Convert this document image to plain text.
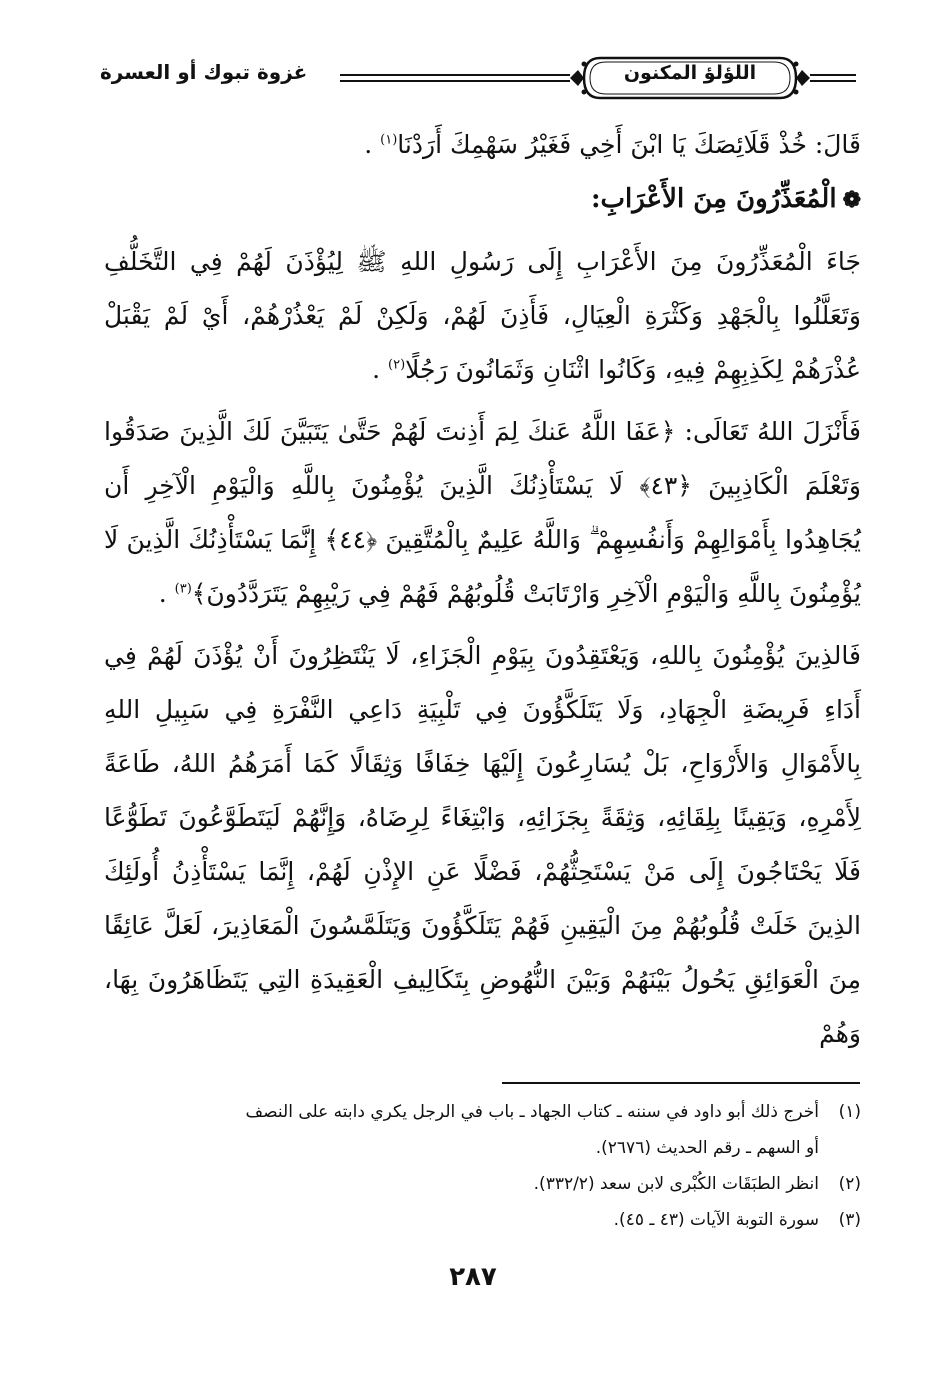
غزوة تبوك أو العسرة	اللؤلؤ المكنون

قَالَ: خُذْ قَلَائِصَكَ يَا ابْنَ أَخِي فَغَيْرُ سَهْمِكَ أَرَدْنَا$^{(١)}$ .

❁الْمُعَذِّرُونَ مِنَ الأَعْرَابِ:

جَاءَ الْمُعَذِّرُونَ مِنَ الأَعْرَابِ إِلَى رَسُولِ اللهِ ﷺ لِيُؤْذَنَ لَهُمْ فِي التَّخَلُّفِ وَتَعَلَّلُوا بِالْجَهْدِ وَكَثْرَةِ الْعِيَالِ، فَأَذِنَ لَهُمْ، وَلَكِنْ لَمْ يَعْذُرْهُمْ، أَيْ لَمْ يَقْبَلْ عُذْرَهُمْ لِكَذِبِهِمْ فِيهِ، وَكَانُوا اثْنَانِ وَثَمَانُونَ رَجُلًا$^{(٢)}$ .

فَأَنْزَلَ اللهُ تَعَالَى: ﴿عَفَا اللَّهُ عَنكَ لِمَ أَذِنتَ لَهُمْ حَتَّىٰ يَتَبَيَّنَ لَكَ الَّذِينَ صَدَقُوا وَتَعْلَمَ الْكَاذِبِينَ ﴿٤٣﴾ لَا يَسْتَأْذِنُكَ الَّذِينَ يُؤْمِنُونَ بِاللَّهِ وَالْيَوْمِ الْآخِرِ أَن يُجَاهِدُوا بِأَمْوَالِهِمْ وَأَنفُسِهِمْ ۗ وَاللَّهُ عَلِيمٌ بِالْمُتَّقِينَ ﴿٤٤﴾ إِنَّمَا يَسْتَأْذِنُكَ الَّذِينَ لَا يُؤْمِنُونَ بِاللَّهِ وَالْيَوْمِ الْآخِرِ وَارْتَابَتْ قُلُوبُهُمْ فَهُمْ فِي رَيْبِهِمْ يَتَرَدَّدُونَ﴾$^{(٣)}$ .

فَالذِينَ يُؤْمِنُونَ بِاللهِ، وَيَعْتَقِدُونَ بِيَوْمِ الْجَزَاءِ، لَا يَنْتَظِرُونَ أَنْ يُؤْذَنَ لَهُمْ فِي أَدَاءِ فَرِيضَةِ الْجِهَادِ، وَلَا يَتَلَكَّؤُونَ فِي تَلْبِيَةِ دَاعِي النَّفْرَةِ فِي سَبِيلِ اللهِ بِالأَمْوَالِ وَالأَرْوَاحِ، بَلْ يُسَارِعُونَ إِلَيْهَا خِفَافًا وَثِقَالًا كَمَا أَمَرَهُمُ اللهُ، طَاعَةً لِأَمْرِهِ، وَيَقِينًا بِلِقَائِهِ، وَثِقَةً بِجَزَائِهِ، وَابْتِغَاءً لِرِضَاهُ، وَإِنَّهُمْ لَيَتَطَوَّعُونَ تَطَوُّعًا فَلَا يَحْتَاجُونَ إِلَى مَنْ يَسْتَحِثُّهُمْ، فَضْلًا عَنِ الإِذْنِ لَهُمْ، إِنَّمَا يَسْتَأْذِنُ أُولَئِكَ الذِينَ خَلَتْ قُلُوبُهُمْ مِنَ الْيَقِينِ فَهُمْ يَتَلَكَّؤُونَ وَيَتَلَمَّسُونَ الْمَعَاذِيرَ، لَعَلَّ عَائِقًا مِنَ الْعَوَائِقِ يَحُولُ بَيْنَهُمْ وَبَيْنَ النُّهُوضِ بِتَكَالِيفِ الْعَقِيدَةِ التِي يَتَظَاهَرُونَ بِهَا، وَهُمْ

(١)أخرج ذلك أبو داود في سننه ـ كتاب الجهاد ـ باب في الرجل يكري دابته على النصف
أو السهم ـ رقم الحديث (٢٦٧٦).

(٢)انظر الطبَقَات الكُبْرى لابن سعد (٣٣٢/٢).

(٣)سورة التوبة الآيات (٤٣ ـ ٤٥).

٢٨٧
